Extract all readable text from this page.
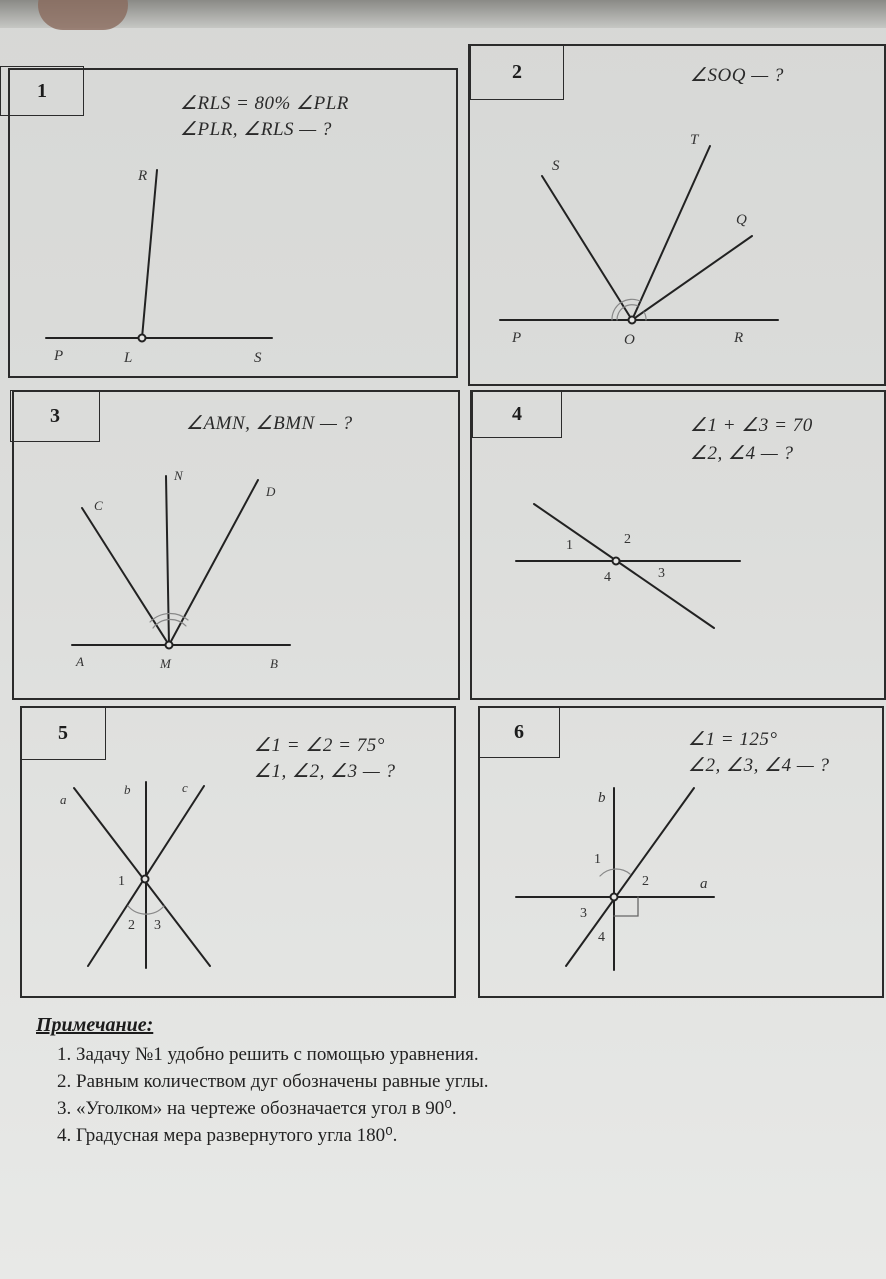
1
2
3	4
5	6
∠RLS = 80% ∠PLR
∠PLR, ∠RLS — ?
∠SOQ — ?
∠AMN, ∠BMN — ?	∠1 + ∠3 = 70
∠2, ∠4 — ?
∠1 = ∠2 = 75°
∠1, ∠2, ∠3 — ?
∠1 = 125°
∠2, ∠3, ∠4 — ?
R
P	L	S
S
T
Q
P	O	R
N
C
D
A	M	B
1	2
3
4
a
b	c
1
2 3
b
a
1
2
3
4
Примечание:
1. Задачу №1 удобно решить с помощью уравнения.
2. Равным количеством дуг обозначены равные углы.
3. «Уголком» на чертеже обозначается угол в 90⁰.
4. Градусная мера развернутого угла 180⁰.
